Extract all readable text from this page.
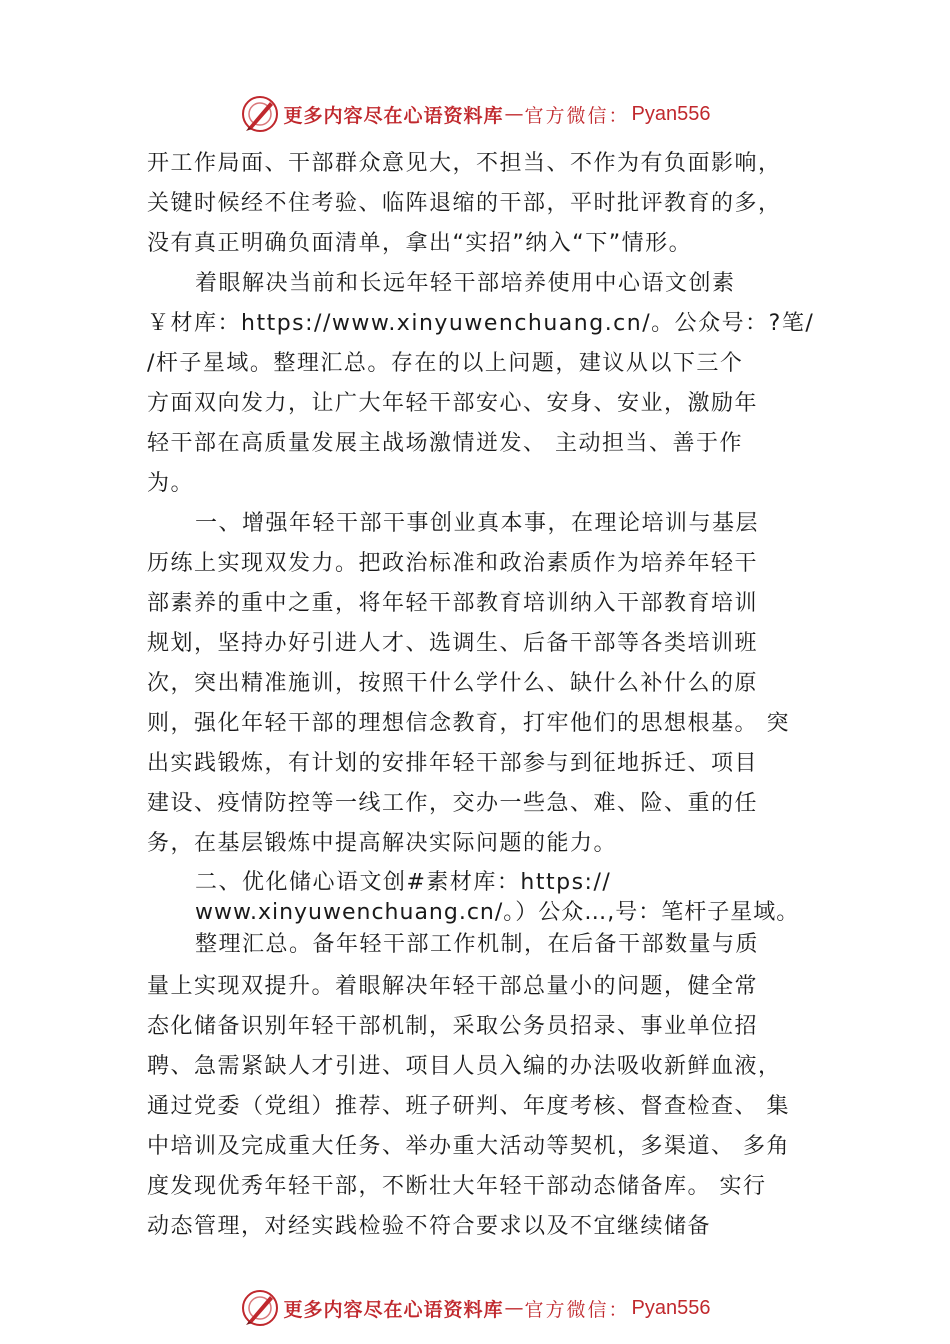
更多内容尽在心语资料库 — 官方微信： Pyan556

开工作局面、干部群众意见大，不担当、不作为有负面影响，

关键时候经不住考验、临阵退缩的干部，平时批评教育的多，

没有真正明确负面清单，拿出“实招”纳入“下”情形。

着眼解决当前和长远年轻干部培养使用中心语文创素

￥材库：https://www.xinyuwenchuang.cn/。公众号：?笔/

/杆子星域。整理汇总。存在的以上问题，建议从以下三个

方面双向发力，让广大年轻干部安心、安身、安业，激励年

轻干部在高质量发展主战场激情迸发、 主动担当、善于作

为。

一、增强年轻干部干事创业真本事，在理论培训与基层

历练上实现双发力。把政治标准和政治素质作为培养年轻干

部素养的重中之重，将年轻干部教育培训纳入干部教育培训

规划，坚持办好引进人才、选调生、后备干部等各类培训班

次，突出精准施训，按照干什么学什么、缺什么补什么的原

则，强化年轻干部的理想信念教育，打牢他们的思想根基。 突

出实践锻炼，有计划的安排年轻干部参与到征地拆迁、项目

建设、疫情防控等一线工作，交办一些急、难、险、重的任

务，在基层锻炼中提高解决实际问题的能力。

二、优化储心语文创#素材库：https://

www.xinyuwenchuang.cn/。）公众…,号：笔杆子星域。

整理汇总。备年轻干部工作机制，在后备干部数量与质

量上实现双提升。着眼解决年轻干部总量小的问题，健全常

态化储备识别年轻干部机制，采取公务员招录、事业单位招

聘、急需紧缺人才引进、项目人员入编的办法吸收新鲜血液，

通过党委（党组）推荐、班子研判、年度考核、督查检查、 集

中培训及完成重大任务、举办重大活动等契机，多渠道、 多角

度发现优秀年轻干部，不断壮大年轻干部动态储备库。 实行

动态管理，对经实践检验不符合要求以及不宜继续储备

更多内容尽在心语资料库 — 官方微信： Pyan556
